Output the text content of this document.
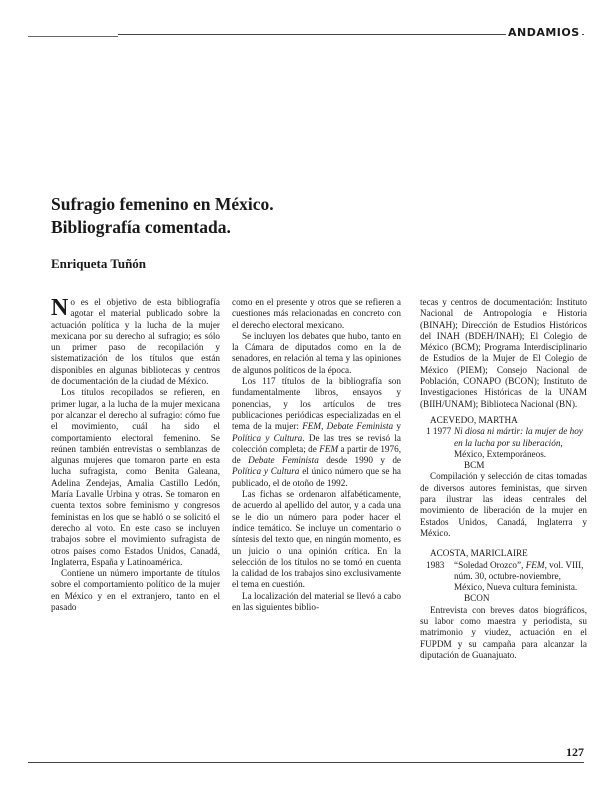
ANDAMIOS
Sufragio femenino en México.
Bibliografía comentada.
Enriqueta Tuñón

No es el objetivo de esta bibliografía agotar el material publicado sobre la actuación política y la lucha de la mujer mexicana por su derecho al sufragio; es sólo un primer paso de recopilación y sistematización de los títulos que están disponibles en algunas bibliotecas y centros de documentación de la ciudad de México.

Los títulos recopilados se refieren, en primer lugar, a la lucha de la mujer mexicana por alcanzar el derecho al sufragio: cómo fue el movimiento, cuál ha sido el comportamiento electoral femenino. Se reúnen también entrevistas o semblanzas de algunas mujeres que tomaron parte en esta lucha sufragista, como Benita Galeana, Adelina Zendejas, Amalia Castillo Ledón, María Lavalle Urbina y otras. Se tomaron en cuenta textos sobre feminismo y congresos feministas en los que se habló o se solicitó el derecho al voto. En este caso se incluyen trabajos sobre el movimiento sufragista de otros países como Estados Unidos, Canadá, Inglaterra, España y Latinoamérica.

Contiene un número importante de títulos sobre el comportamiento político de la mujer en México y en el extranjero, tanto en el pasado

como en el presente y otros que se refieren a cuestiones más relacionadas en concreto con el derecho electoral mexicano.

Se incluyen los debates que hubo, tanto en la Cámara de diputados como en la de senadores, en relación al tema y las opiniones de algunos políticos de la época.

Los 117 títulos de la bibliografía son fundamentalmente libros, ensayos y ponencias, y los artículos de tres publicaciones periódicas especializadas en el tema de la mujer: FEM, Debate Feminista y Política y Cultura. De las tres se revisó la colección completa; de FEM a partir de 1976, de Debate Feminista desde 1990 y de Política y Cultura el único número que se ha publicado, el de otoño de 1992.

Las fichas se ordenaron alfabéticamente, de acuerdo al apellido del autor, y a cada una se le dio un número para poder hacer el índice temático. Se incluye un comentario o síntesis del texto que, en ningún momento, es un juicio o una opinión crítica. En la selección de los títulos no se tomó en cuenta la calidad de los trabajos sino exclusivamente el tema en cuestión.

La localización del material se llevó a cabo en las siguientes biblio-

tecas y centros de documentación: Instituto Nacional de Antropología e Historia (BINAH); Dirección de Estudios Históricos del INAH (BDEH/INAH); El Colegio de México (BCM); Programa Interdisciplinario de Estudios de la Mujer de El Colegio de México (PIEM); Consejo Nacional de Población, CONAPO (BCON); Instituto de Investigaciones Históricas de la UNAM (BIIH/UNAM); Biblioteca Nacional (BN).

ACEVEDO, MARTHA

1 1977 Ni diosa ni mártir: la mujer de hoy en la lucha por su liberación, México, Extemporáneos.

BCM

Compilación y selección de citas tomadas de diversos autores feministas, que sirven para ilustrar las ideas centrales del movimiento de liberación de la mujer en Estados Unidos, Canadá, Inglaterra y México.

ACOSTA, MARICLAIRE

1983	“Soledad Orozco”, FEM, vol. VIII, núm. 30, octubre-noviembre, México, Nueva cultura feminista.

BCON

Entrevista con breves datos biográficos, su labor como maestra y periodista, su matrimonio y viudez, actuación en el FUPDM y su campaña para alcanzar la diputación de Guanajuato.

127
